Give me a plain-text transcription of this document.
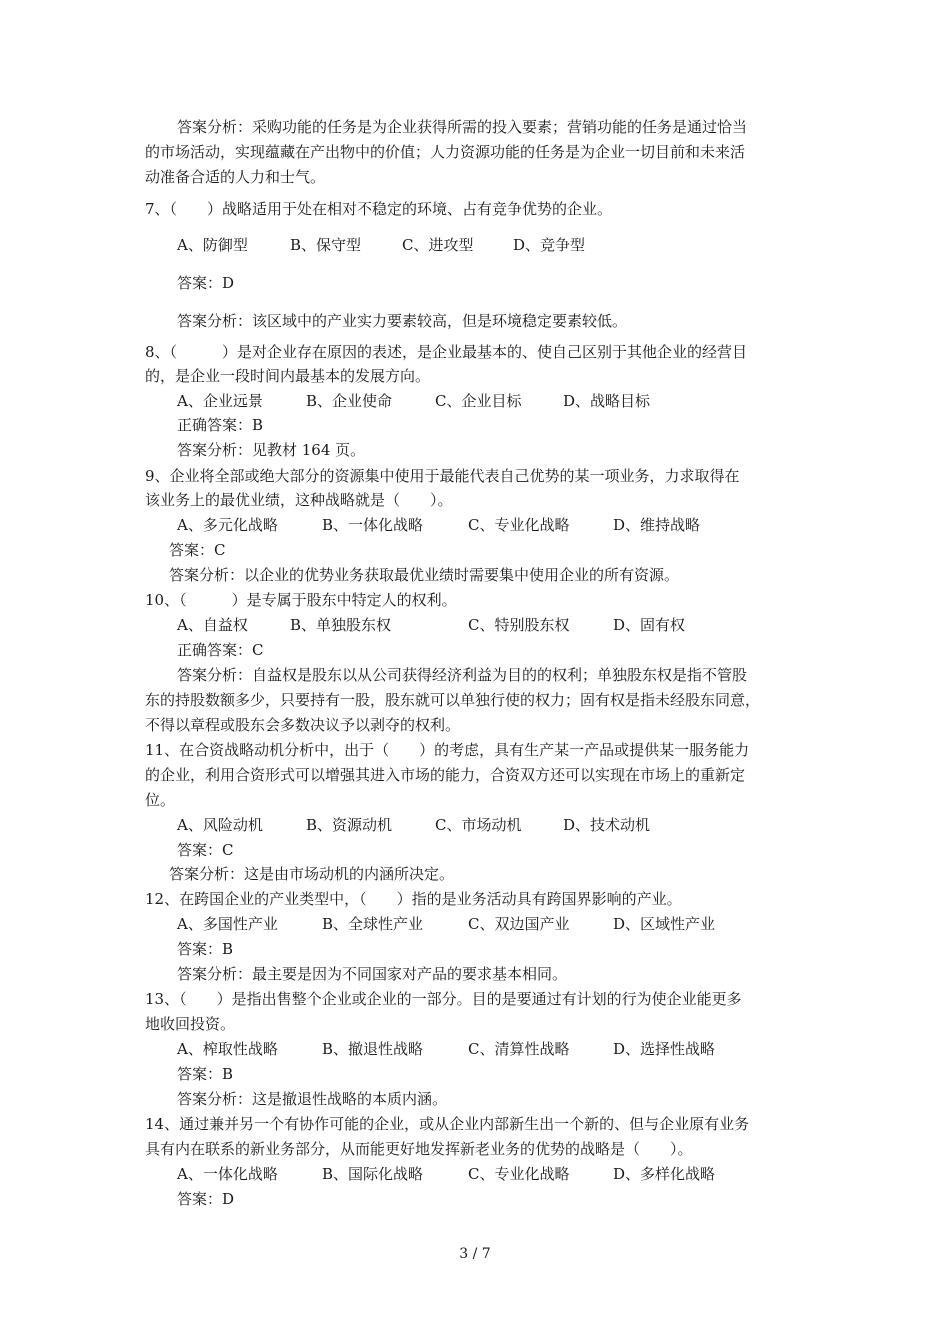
答案分析：采购功能的任务是为企业获得所需的投入要素；营销功能的任务是通过恰当
的市场活动，实现蕴藏在产出物中的价值；人力资源功能的任务是为企业一切目前和未来活
动准备合适的人力和士气。
7、（　　）战略适用于处在相对不稳定的环境、占有竞争优势的企业。
A、防御型	B、保守型	C、进攻型	D、竞争型
答案：D
答案分析：该区域中的产业实力要素较高，但是环境稳定要素较低。
8、（　　　）是对企业存在原因的表述，是企业最基本的、使自己区别于其他企业的经营目
的，是企业一段时间内最基本的发展方向。
A、企业远景	B、企业使命	C、企业目标	D、战略目标
正确答案：B
答案分析：见教材 164 页。
9、企业将全部或绝大部分的资源集中使用于最能代表自己优势的某一项业务，力求取得在
该业务上的最优业绩，这种战略就是（　　）。
A、多元化战略	B、一体化战略	C、专业化战略	D、维持战略
答案：C
答案分析：以企业的优势业务获取最优业绩时需要集中使用企业的所有资源。
10、（　　　）是专属于股东中特定人的权利。
A、自益权	B、单独股东权	C、特别股东权	D、固有权
正确答案：C
答案分析：自益权是股东以从公司获得经济利益为目的的权利；单独股东权是指不管股
东的持股数额多少，只要持有一股，股东就可以单独行使的权力；固有权是指未经股东同意，
不得以章程或股东会多数决议予以剥夺的权利。
11、在合资战略动机分析中，出于（　　）的考虑，具有生产某一产品或提供某一服务能力
的企业，利用合资形式可以增强其进入市场的能力，合资双方还可以实现在市场上的重新定
位。
A、风险动机	B、资源动机	C、市场动机	D、技术动机
答案：C
答案分析：这是由市场动机的内涵所决定。
12、在跨国企业的产业类型中，（　　）指的是业务活动具有跨国界影响的产业。
A、多国性产业	B、全球性产业	C、双边国产业	D、区域性产业
答案：B
答案分析：最主要是因为不同国家对产品的要求基本相同。
13、（　　）是指出售整个企业或企业的一部分。目的是要通过有计划的行为使企业能更多
地收回投资。
A、榨取性战略	B、撤退性战略	C、清算性战略	D、选择性战略
答案：B
答案分析：这是撤退性战略的本质内涵。
14、通过兼并另一个有协作可能的企业，或从企业内部新生出一个新的、但与企业原有业务
具有内在联系的新业务部分，从而能更好地发挥新老业务的优势的战略是（　　）。
A、一体化战略	B、国际化战略	C、专业化战略	D、多样化战略
答案：D
3 / 7
